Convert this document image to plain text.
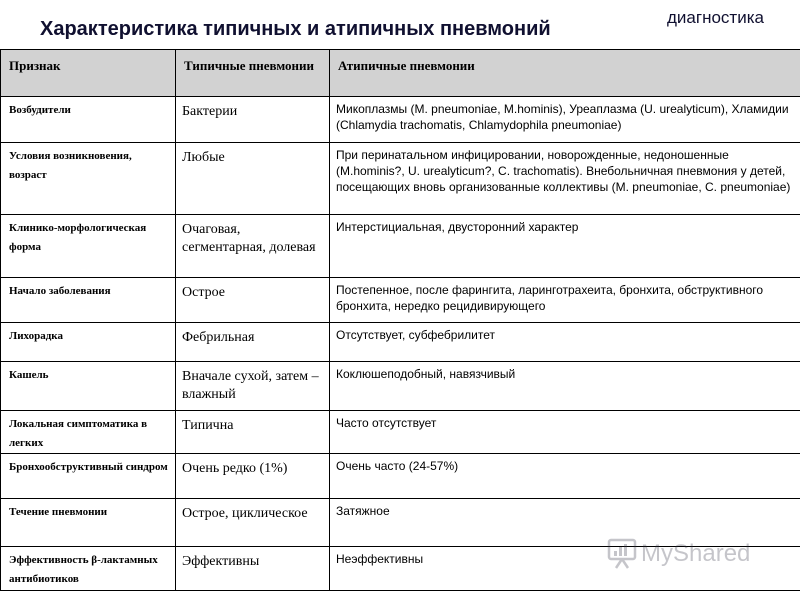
Характеристика типичных и атипичных пневмоний
диагностика
Признак	Типичные пневмонии	Атипичные пневмонии

Возбудители	Бактерии	Микоплазмы (M. pneumoniae, M.hominis), Уреаплазма (U. urealyticum), Хламидии (Chlamydia trachomatis, Chlamydophila pneumoniae)

Условия возникновения, возраст	Любые	При перинатальном инфицировании, новорожденные, недоношенные (M.hominis?, U. urealyticum?, C. trachomatis). Внебольничная пневмония у детей, посещающих вновь организованные коллективы (M. pneumoniae, C. pneumoniae)

Клинико-морфологическая форма	Очаговая, сегментарная, долевая	Интерстициальная, двусторонний характер

Начало заболевания	Острое	Постепенное, после фарингита, ларинготрахеита, бронхита, обструктивного бронхита, нередко рецидивирующего

Лихорадка	Фебрильная	Отсутствует, субфебрилитет

Кашель	Вначале сухой, затем – влажный	Коклюшеподобный, навязчивый

Локальная симптоматика в легких	Типична	Часто отсутствует

Бронхообструктивный синдром	Очень редко (1%)	Очень часто (24-57%)

Течение пневмонии	Острое, циклическое	Затяжное

Эффективность β-лактамных антибиотиков	Эффективны	Неэффективны	MyShared
